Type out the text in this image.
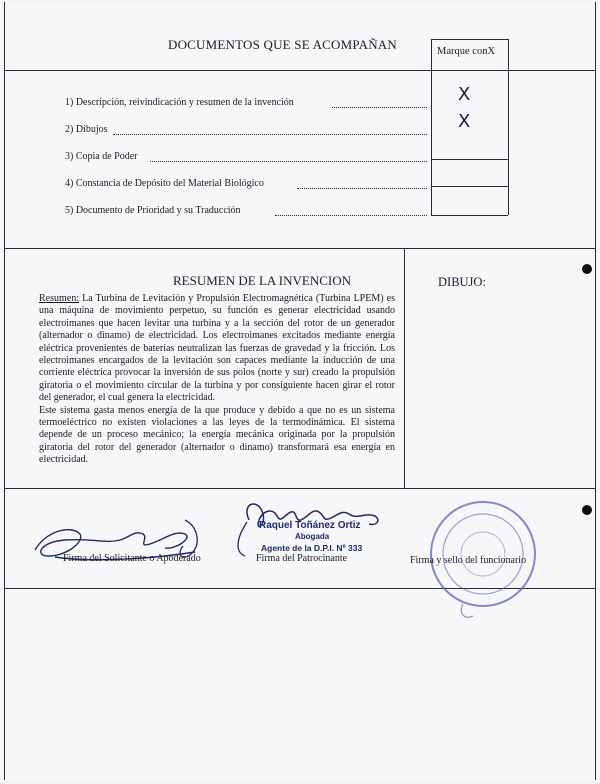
DOCUMENTOS QUE SE ACOMPAÑAN	Marque conX
1) Descripción, reivindicación y resumen de la invención	X
2) Dibujos	X
3) Copia de Poder
4) Constancia de Depósito del Material Biológico
5) Documento de Prioridad y su Traducción
RESUMEN DE LA INVENCION	DIBUJO:
Resumen: La Turbina de Levitación y Propulsión Electromagnética (Turbina LPEM) es una máquina de movimiento perpetuo, su función es generar electricidad usando electroimanes que hacen levitar una turbina y a la sección del rotor de un generador (alternador o dinamo) de electricidad. Los electroimanes excitados mediante energía eléctrica provenientes de baterías neutralizan las fuerzas de gravedad y la fricción. Los electroimanes encargados de la levitación son capaces mediante la inducción de una corriente eléctrica provocar la inversión de sus polos (norte y sur) creado la propulsión giratoria o el movimiento circular de la turbina y por consiguiente hacen girar el rotor del generador, el cual genera la electricidad.
Este sistema gasta menos energía de la que produce y debido a que no es un sistema termoeléctrico no existen violaciones a las leyes de la termodinámica. El sistema depende de un proceso mecánico; la energía mecánica originada por la propulsión giratoria del rotor del generador (alternador o dinamo) transformará esa energía en electricidad.
Firma del Solicitante o Apoderado
Raquel Toñánez Ortiz
Abogada
Agente de la D.P.I. Nº 333
Firma del Patrocinante	Firma y sello del funcionario
